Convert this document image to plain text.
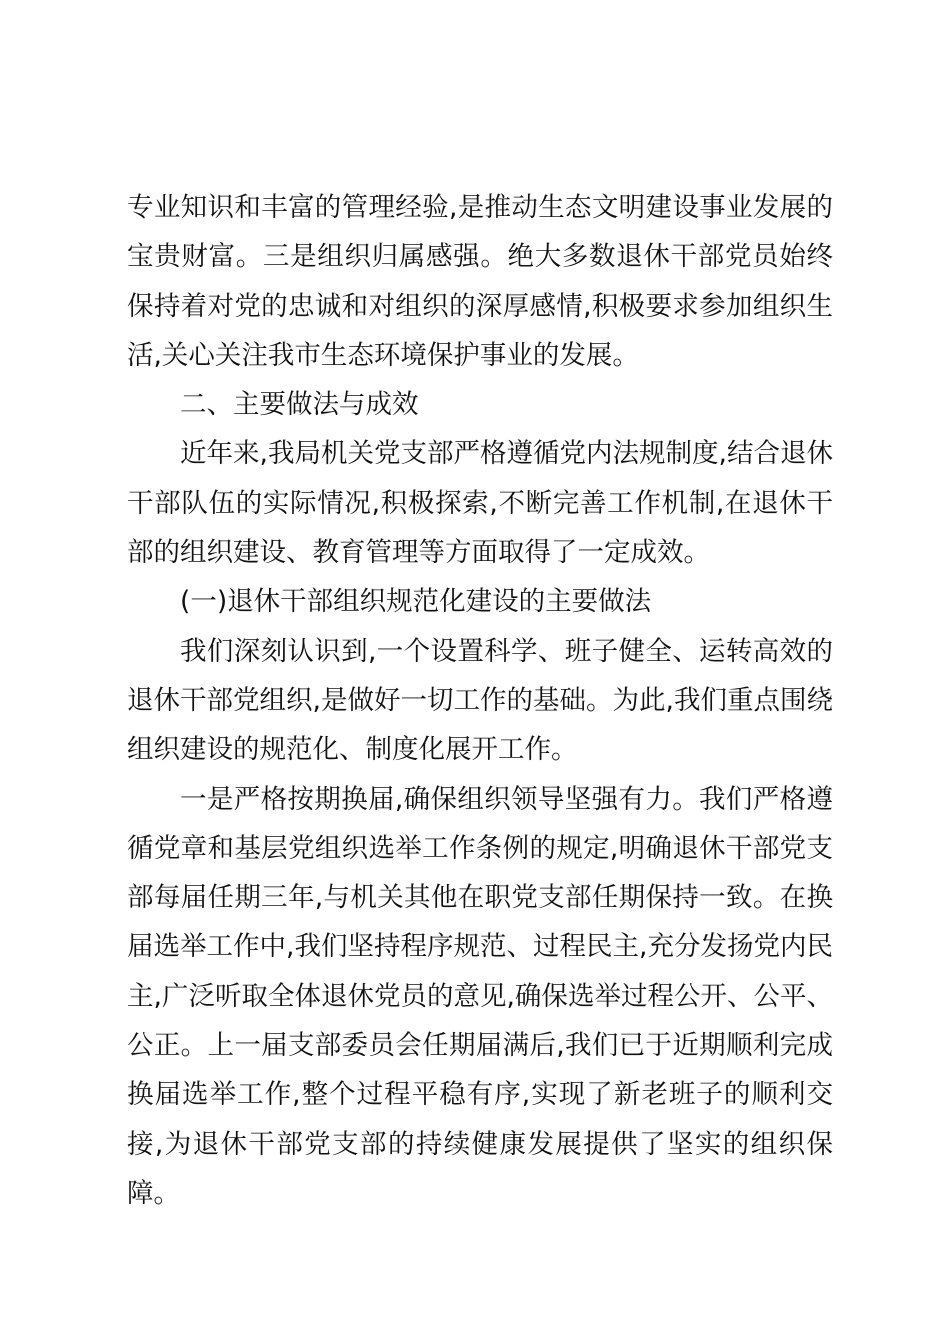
专业知识和丰富的管理经验,是推动生态文明建设事业发展的宝贵财富。三是组织归属感强。绝大多数退休干部党员始终保持着对党的忠诚和对组织的深厚感情,积极要求参加组织生活,关心关注我市生态环境保护事业的发展。

二、主要做法与成效

近年来,我局机关党支部严格遵循党内法规制度,结合退休干部队伍的实际情况,积极探索,不断完善工作机制,在退休干部的组织建设、教育管理等方面取得了一定成效。

(一)退休干部组织规范化建设的主要做法

我们深刻认识到,一个设置科学、班子健全、运转高效的退休干部党组织,是做好一切工作的基础。为此,我们重点围绕组织建设的规范化、制度化展开工作。

一是严格按期换届,确保组织领导坚强有力。我们严格遵循党章和基层党组织选举工作条例的规定,明确退休干部党支部每届任期三年,与机关其他在职党支部任期保持一致。在换届选举工作中,我们坚持程序规范、过程民主,充分发扬党内民主,广泛听取全体退休党员的意见,确保选举过程公开、公平、公正。上一届支部委员会任期届满后,我们已于近期顺利完成换届选举工作,整个过程平稳有序,实现了新老班子的顺利交接,为退休干部党支部的持续健康发展提供了坚实的组织保障。
